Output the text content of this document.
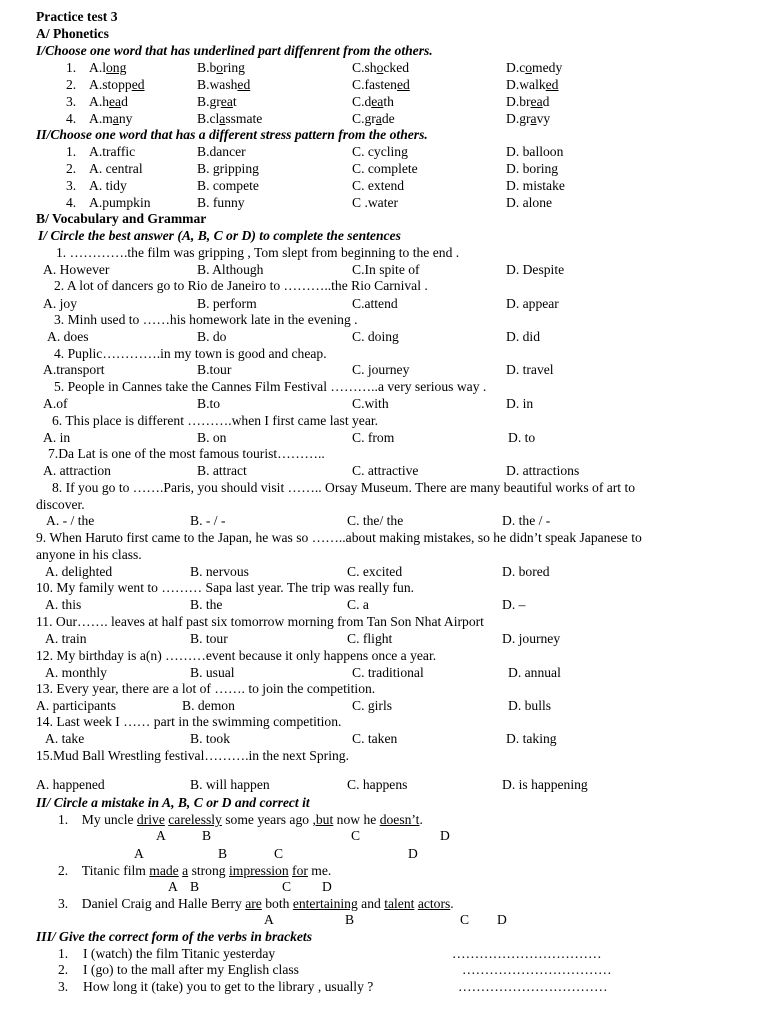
Practice test 3
A/ Phonetics
I/Choose one word that has underlined part diffenrent from the others.
1. A.long	B.boring	C.shocked	D.comedy
2. A.stopped	B.washed	C.fastened	D.walked
3. A.head	B.great	C.death	D.bread
4. A.many	B.classmate	C.grade	D.gravy
II/Choose one word that has a different stress pattern from the others.
1. A.traffic	B.dancer	C. cycling	D. balloon
2. A. central	B. gripping	C. complete	D. boring
3. A. tidy	B. compete	C. extend	D. mistake
4. A.pumpkin	B. funny	C .water	D. alone
B/ Vocabulary and Grammar
I/ Circle the best answer (A, B, C or D) to complete the sentences
1. ………….the film was gripping , Tom slept from beginning to the end .
A. However	B. Although	C.In spite of	D. Despite
2. A lot of dancers go to Rio de Janeiro to ………..the Rio Carnival .
A. joy	B. perform	C.attend	D. appear
3. Minh used to ……his homework late in the evening .
A. does	B. do	C. doing	D. did
4. Puplic………….in my town is good and cheap.
A.transport	B.tour	C. journey	D. travel
5. People in Cannes take the Cannes Film Festival ………..a very serious way .
A.of	B.to	C.with	D. in
6. This place is different ……….when I first came last year.
A. in	B. on	C. from	D. to
7.Da Lat is one of the most famous tourist………..
A. attraction	B. attract	C. attractive	D. attractions
8. If you go to …….Paris, you should visit …….. Orsay Museum. There are many beautiful works of art to
discover.
A. - / the	B. - / -	C. the/ the	D. the / -
9. When Haruto first came to the Japan, he was so ……..about making mistakes, so he didn’t speak Japanese to
anyone in his class.
A. delighted	B. nervous	C. excited	D. bored
10. My family went to ……… Sapa last year. The trip was really fun.
A. this	B. the	C. a	D. –
11. Our……. leaves at half past six tomorrow morning from Tan Son Nhat Airport
A. train	B. tour	C. flight	D. journey
12. My birthday is a(n) ………event because it only happens once a year.
A. monthly	B. usual	C. traditional	D. annual
13. Every year, there are a lot of ……. to join the competition.
A. participants	B. demon	C. girls	D. bulls
14. Last week I …… part in the swimming competition.
A. take	B. took	C. taken	D. taking
15.Mud Ball Wrestling festival……….in the next Spring.
A. happened	B. will happen	C. happens	D. is happening
II/ Circle a mistake in A, B, C or D and correct it
1. My uncle drive carelessly some years ago ,but now he doesn’t.
A	B	C	D
A	B	C	D
2. Titanic film made a strong impression for me.
A B	C D
3. Daniel Craig and Halle Berry are both entertaining and talent actors.
A	B	C D
III/ Give the correct form of the verbs in brackets
1. I (watch) the film Titanic yesterday	……………………………
2. I (go) to the mall after my English class	……………………………
3. How long it (take) you to get to the library , usually ?	……………………………
